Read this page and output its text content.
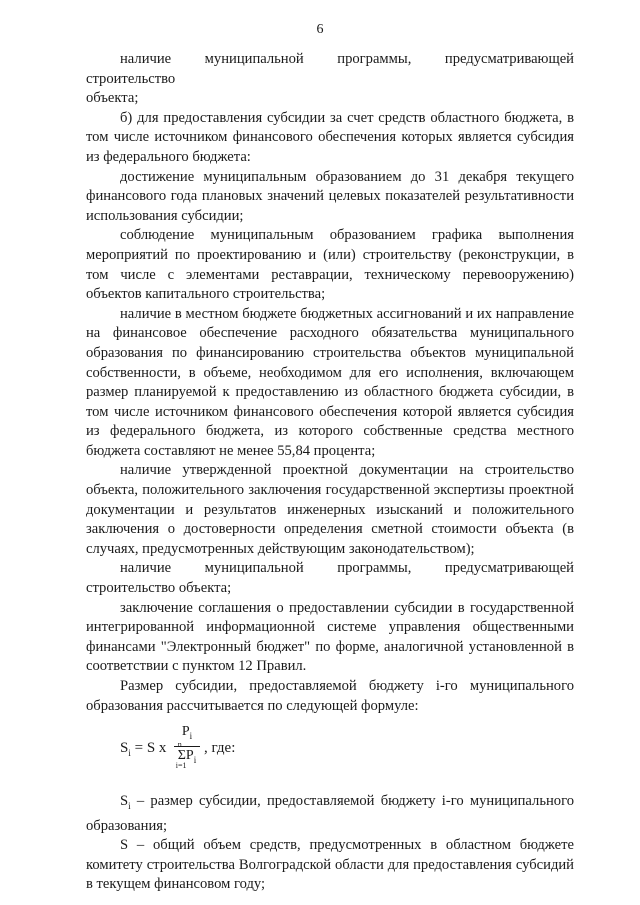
6

наличие муниципальной программы, предусматривающей строительство

объекта;

б) для предоставления субсидии за счет средств областного бюджета, в том числе источником финансового обеспечения которых является субсидия из федерального бюджета:

достижение муниципальным образованием до 31 декабря текущего финансового года плановых значений целевых показателей результативности использования субсидии;

соблюдение муниципальным образованием графика выполнения мероприятий по проектированию и (или) строительству (реконструкции, в том числе с элементами реставрации, техническому перевооружению) объектов капитального строительства;

наличие в местном бюджете бюджетных ассигнований и их направление на финансовое обеспечение расходного обязательства муниципального образования по финансированию строительства объектов муниципальной собственности, в объеме, необходимом для его исполнения, включающем размер планируемой к предоставлению из областного бюджета субсидии, в том числе источником финансового обеспечения которой является субсидия из федерального бюджета, из которого собственные средства местного бюджета составляют не менее 55,84 процента;

наличие утвержденной проектной документации на строительство объекта, положительного заключения государственной экспертизы проектной документации и результатов инженерных изысканий и положительного заключения о достоверности определения сметной стоимости объекта (в случаях, предусмотренных действующим законодательством);

наличие муниципальной программы, предусматривающей строительство объекта;

заключение соглашения о предоставлении субсидии в государственной интегрированной информационной системе управления общественными финансами "Электронный бюджет" по форме, аналогичной установленной в соответствии с пунктом 12 Правил.

Размер субсидии, предоставляемой бюджету i-го муниципального образования рассчитывается по следующей формуле:

$S_i = S$ x
$P_i$
Σ
n
i=1
$P_i$
, где:

$S_i$ – размер субсидии, предоставляемой бюджету i-го муниципального образования;

S – общий объем средств, предусмотренных в областном бюджете комитету строительства Волгоградской области для предоставления субсидий в текущем финансовом году;
